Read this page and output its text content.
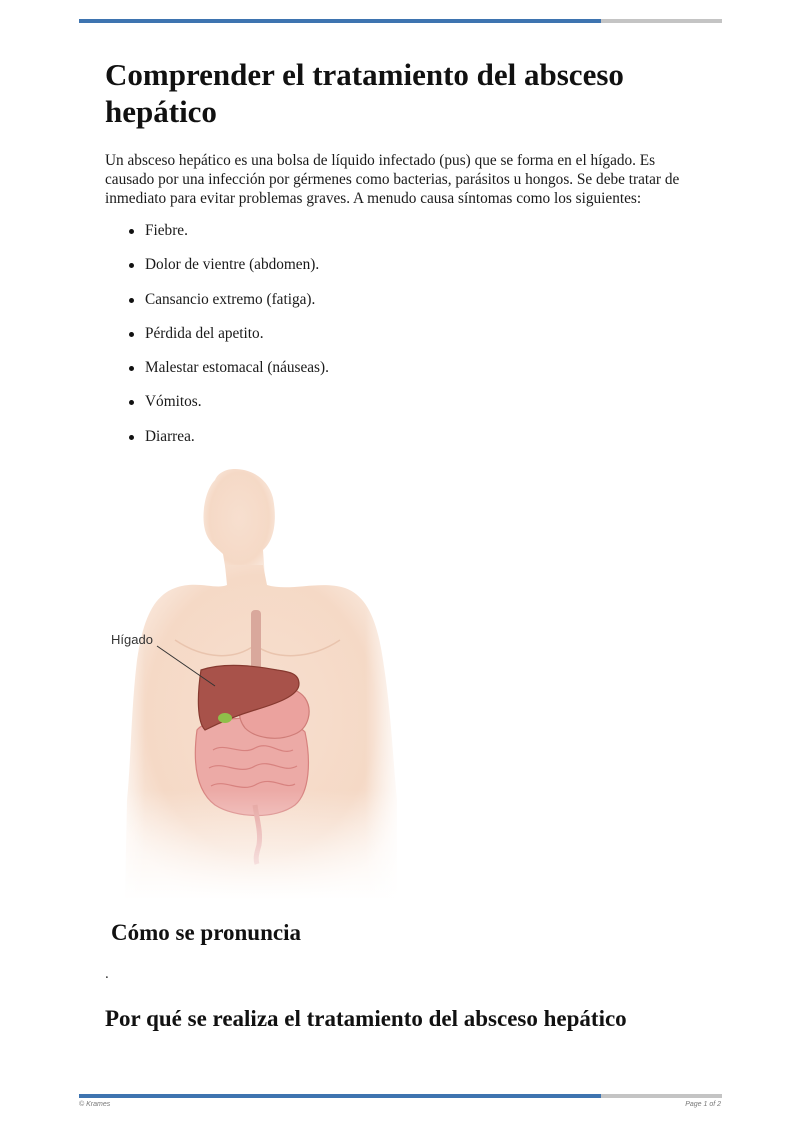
Comprender el tratamiento del absceso hepático

Un absceso hepático es una bolsa de líquido infectado (pus) que se forma en el hígado. Es causado por una infección por gérmenes como bacterias, parásitos u hongos. Se debe tratar de inmediato para evitar problemas graves. A menudo causa síntomas como los siguientes:

Fiebre.
Dolor de vientre (abdomen).
Cansancio extremo (fatiga).
Pérdida del apetito.
Malestar estomacal (náuseas).
Vómitos.
Diarrea.
Hígado
Cómo se pronuncia
.
Por qué se realiza el tratamiento del absceso hepático
© Krames	Page 1 of 2
